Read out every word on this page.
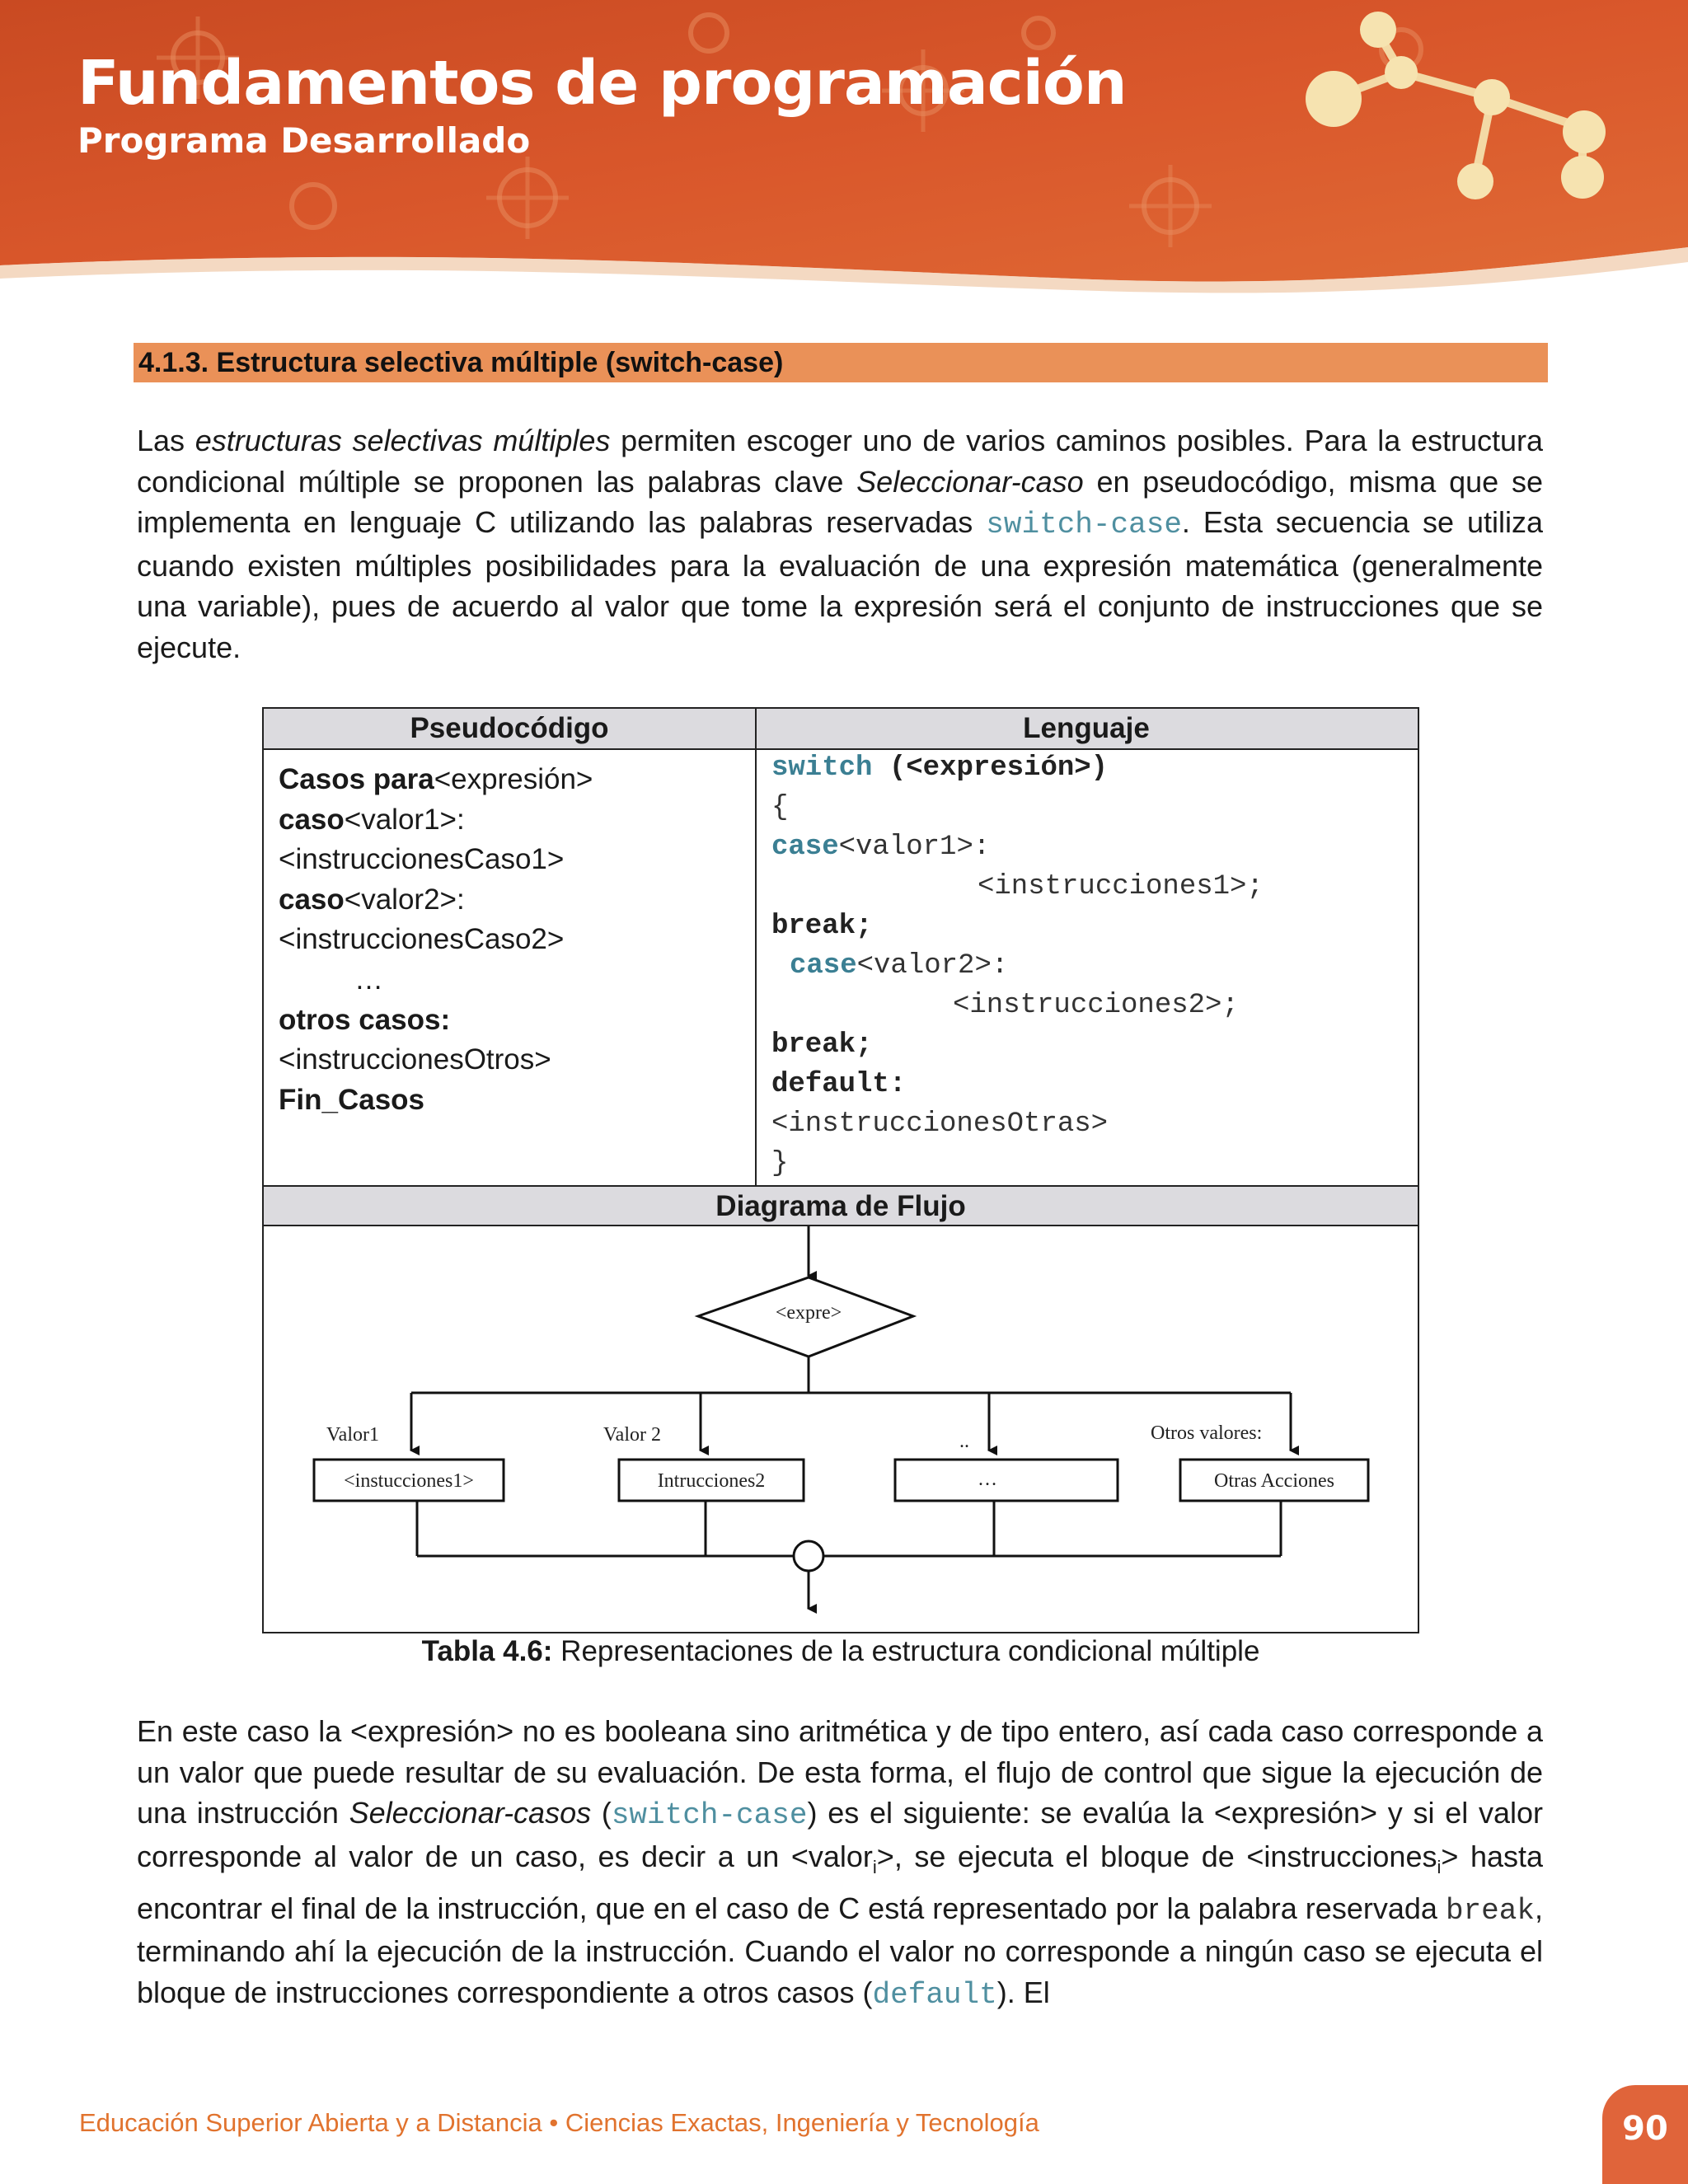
Fundamentos de programación
Programa Desarrollado
4.1.3. Estructura selectiva múltiple (switch-case)

Las estructuras selectivas múltiples permiten escoger uno de varios caminos posibles. Para la estructura condicional múltiple se proponen las palabras clave Seleccionar-caso en pseudocódigo, misma que se implementa en lenguaje C utilizando las palabras reservadas switch-case. Esta secuencia se utiliza cuando existen múltiples posibilidades para la evaluación de una expresión matemática (generalmente una variable), pues de acuerdo al valor que tome la expresión será el conjunto de instrucciones que se ejecute.

Pseudocódigo	Lenguaje
Casos para<expresión>
caso<valor1>:
<instruccionesCaso1>
caso<valor2>:
<instruccionesCaso2>
…
otros casos:
<instruccionesOtros>
Fin_Casos
switch (<expresión>)
{
case<valor1>:
<instrucciones1>;
break;
case<valor2>:
<instrucciones2>;
break;
default:
<instruccionesOtras>
}
Diagrama de Flujo
<expre>
Valor1	Valor 2	..	Otros valores:
<instucciones1>	Intrucciones2	…	Otras Acciones
Tabla 4.6: Representaciones de la estructura condicional múltiple

En este caso la <expresión> no es booleana sino aritmética y de tipo entero, así cada caso corresponde a un valor que puede resultar de su evaluación. De esta forma, el flujo de control que sigue la ejecución de una instrucción Seleccionar-casos (switch-case) es el siguiente: se evalúa la <expresión> y si el valor corresponde al valor de un caso, es decir a un <valor$_i$>, se ejecuta el bloque de <instrucciones$_i$> hasta encontrar el final de la instrucción, que en el caso de C está representado por la palabra reservada break, terminando ahí la ejecución de la instrucción. Cuando el valor no corresponde a ningún caso se ejecuta el bloque de instrucciones correspondiente a otros casos (default). El

Educación Superior Abierta y a Distancia • Ciencias Exactas, Ingeniería y Tecnología	90
